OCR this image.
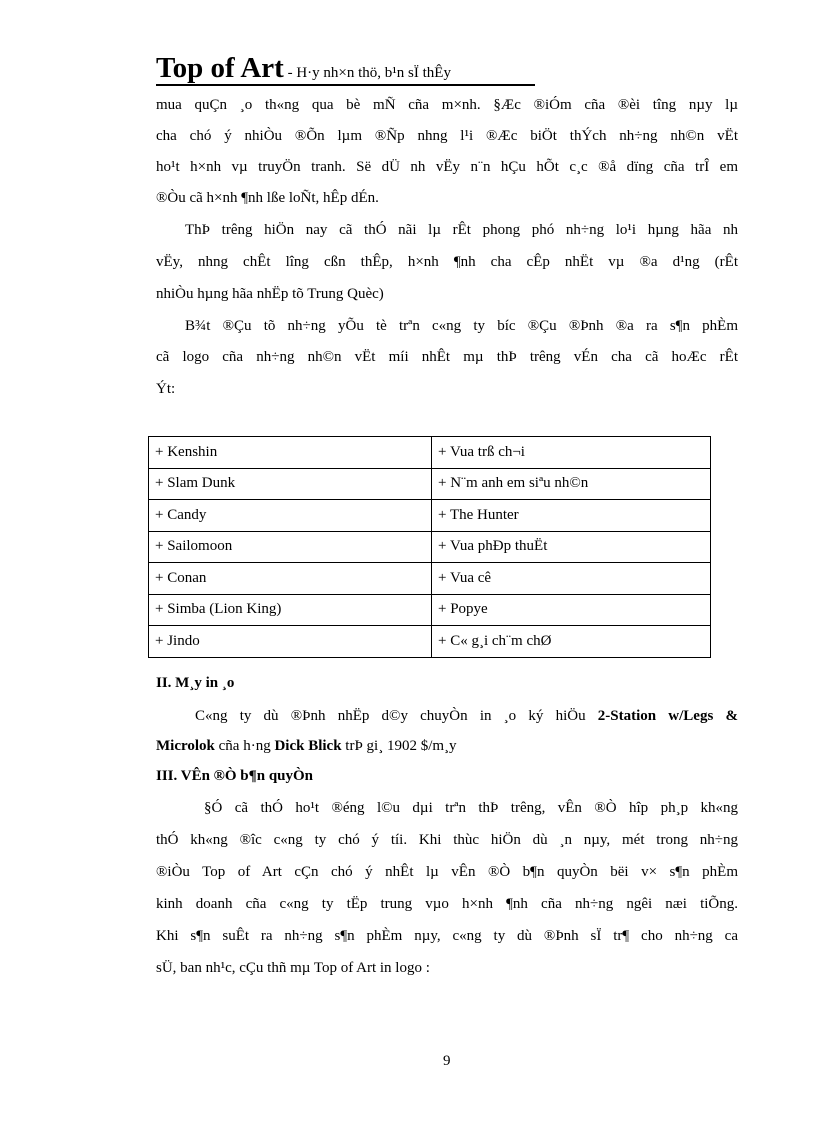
Top of Art - H·y nh×n thö, b¹n sÏ thÊy
mua quÇn ¸o th«ng qua bè mÑ cña m×nh. §Æc ®iÓm cña ®èi tîng nµy lµ
cha chó ý nhiÒu ®Õn lµm ®Ñp nhng l¹i ®Æc biÖt thÝch nh÷ng nh©n vËt
ho¹t h×nh vµ truyÖn tranh. Së dÜ nh vËy n¨n hÇu hÕt c¸c ®å dïng cña trÎ em
®Òu cã h×nh ¶nh lße loÑt, hÊp dÉn.
ThÞ trêng hiÖn nay cã thÓ nãi lµ rÊt phong phó nh÷ng lo¹i hµng hãa nh
vËy, nhng chÊt lîng cßn thÊp, h×nh ¶nh cha cÊp nhËt vµ ®a d¹ng (rÊt
nhiÒu hµng hãa nhËp tõ Trung Quèc)
B¾t ®Çu tõ nh÷ng yÕu tè trªn c«ng ty bíc ®Çu ®Þnh ®a ra s¶n phÈm
cã logo cña nh÷ng nh©n vËt míi nhÊt mµ thÞ trêng vÉn cha cã hoÆc rÊt
Ýt:
+ Kenshin	+ Vua trß ch¬i
+ Slam Dunk	+ N¨m anh em siªu nh©n
+ Candy	+ The Hunter
+ Sailomoon	+ Vua phÐp thuËt
+ Conan	+ Vua cê
+ Simba (Lion King)	+ Popye
+ Jindo	+ C« g¸i ch¨m chØ
II. M¸y in ¸o
C«ng ty dù ®Þnh nhËp d©y chuyÒn in ¸o ký hiÖu 2-Station w/Legs &
Microlok cña h·ng Dick Blick trÞ gi¸ 1902 $/m¸y
III. VÊn ®Ò b¶n quyÒn
§Ó cã thÓ ho¹t ®éng l©u dµi trªn thÞ trêng, vÊn ®Ò hîp ph¸p kh«ng
thÓ kh«ng ®îc c«ng ty chó ý tíi. Khi thùc hiÖn dù ¸n nµy, mét trong nh÷ng
®iÒu Top of Art cÇn chó ý nhÊt lµ vÊn ®Ò b¶n quyÒn bëi v× s¶n phÈm
kinh doanh cña c«ng ty tËp trung vµo h×nh ¶nh cña nh÷ng ngêi næi tiÕng.
Khi s¶n suÊt ra nh÷ng s¶n phÈm nµy, c«ng ty dù ®Þnh sÏ tr¶ cho nh÷ng ca
sÜ, ban nh¹c, cÇu thñ mµ Top of Art in logo :
9
